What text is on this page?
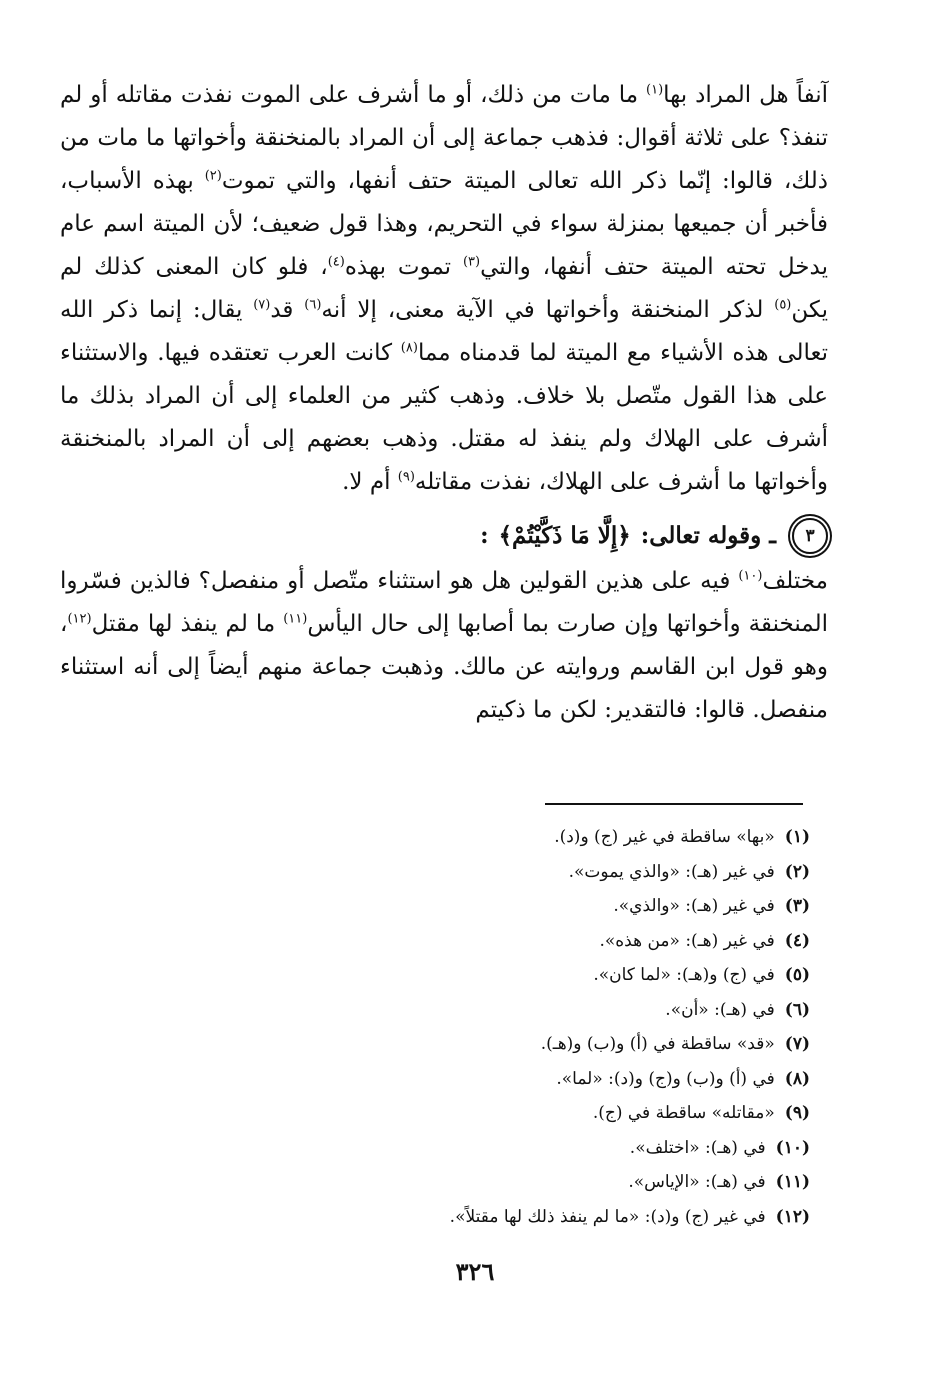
آنفاً هل المراد بها$^{(١)}$ ما مات من ذلك، أو ما أشرف على الموت نفذت مقاتله أو لم تنفذ؟ على ثلاثة أقوال: فذهب جماعة إلى أن المراد بالمنخنقة وأخواتها ما مات من ذلك، قالوا: إنّما ذكر الله تعالى الميتة حتف أنفها، والتي تموت$^{(٢)}$ بهذه الأسباب، فأخبر أن جميعها بمنزلة سواء في التحريم، وهذا قول ضعيف؛ لأن الميتة اسم عام يدخل تحته الميتة حتف أنفها، والتي$^{(٣)}$ تموت بهذه$^{(٤)}$، فلو كان المعنى كذلك لم يكن$^{(٥)}$ لذكر المنخنقة وأخواتها في الآية معنى، إلا أنه$^{(٦)}$ قد$^{(٧)}$ يقال: إنما ذكر الله تعالى هذه الأشياء مع الميتة لما قدمناه مما$^{(٨)}$ كانت العرب تعتقده فيها. والاستثناء على هذا القول متّصل بلا خلاف. وذهب كثير من العلماء إلى أن المراد بذلك ما أشرف على الهلاك ولم ينفذ له مقتل. وذهب بعضهم إلى أن المراد بالمنخنقة وأخواتها ما أشرف على الهلاك، نفذت مقاتله$^{(٩)}$ أم لا.

٣
ـ وقوله تعالى:
﴿إِلَّا مَا ذَكَّيْتُمْ﴾
:

مختلف$^{(١٠)}$ فيه على هذين القولين هل هو استثناء متّصل أو منفصل؟ فالذين فسّروا المنخنقة وأخواتها وإن صارت بما أصابها إلى حال اليأس$^{(١١)}$ ما لم ينفذ لها مقتل$^{(١٢)}$، وهو قول ابن القاسم وروايته عن مالك. وذهبت جماعة منهم أيضاً إلى أنه استثناء منفصل. قالوا: فالتقدير: لكن ما ذكيتم

(١)«بها» ساقطة في غير (ج) و(د).
(٢)في غير (هـ): «والذي يموت».
(٣)في غير (هـ): «والذي».
(٤)في غير (هـ): «من هذه».
(٥)في (ج) و(هـ): «لما كان».
(٦)في (هـ): «أن».
(٧)«قد» ساقطة في (أ) و(ب) و(هـ).
(٨)في (أ) و(ب) و(ج) و(د): «لما».
(٩)«مقاتله» ساقطة في (ج).
(١٠)في (هـ): «اختلف».
(١١)في (هـ): «الإياس».
(١٢)في غير (ج) و(د): «ما لم ينفذ ذلك لها مقتلاً».
٣٢٦
